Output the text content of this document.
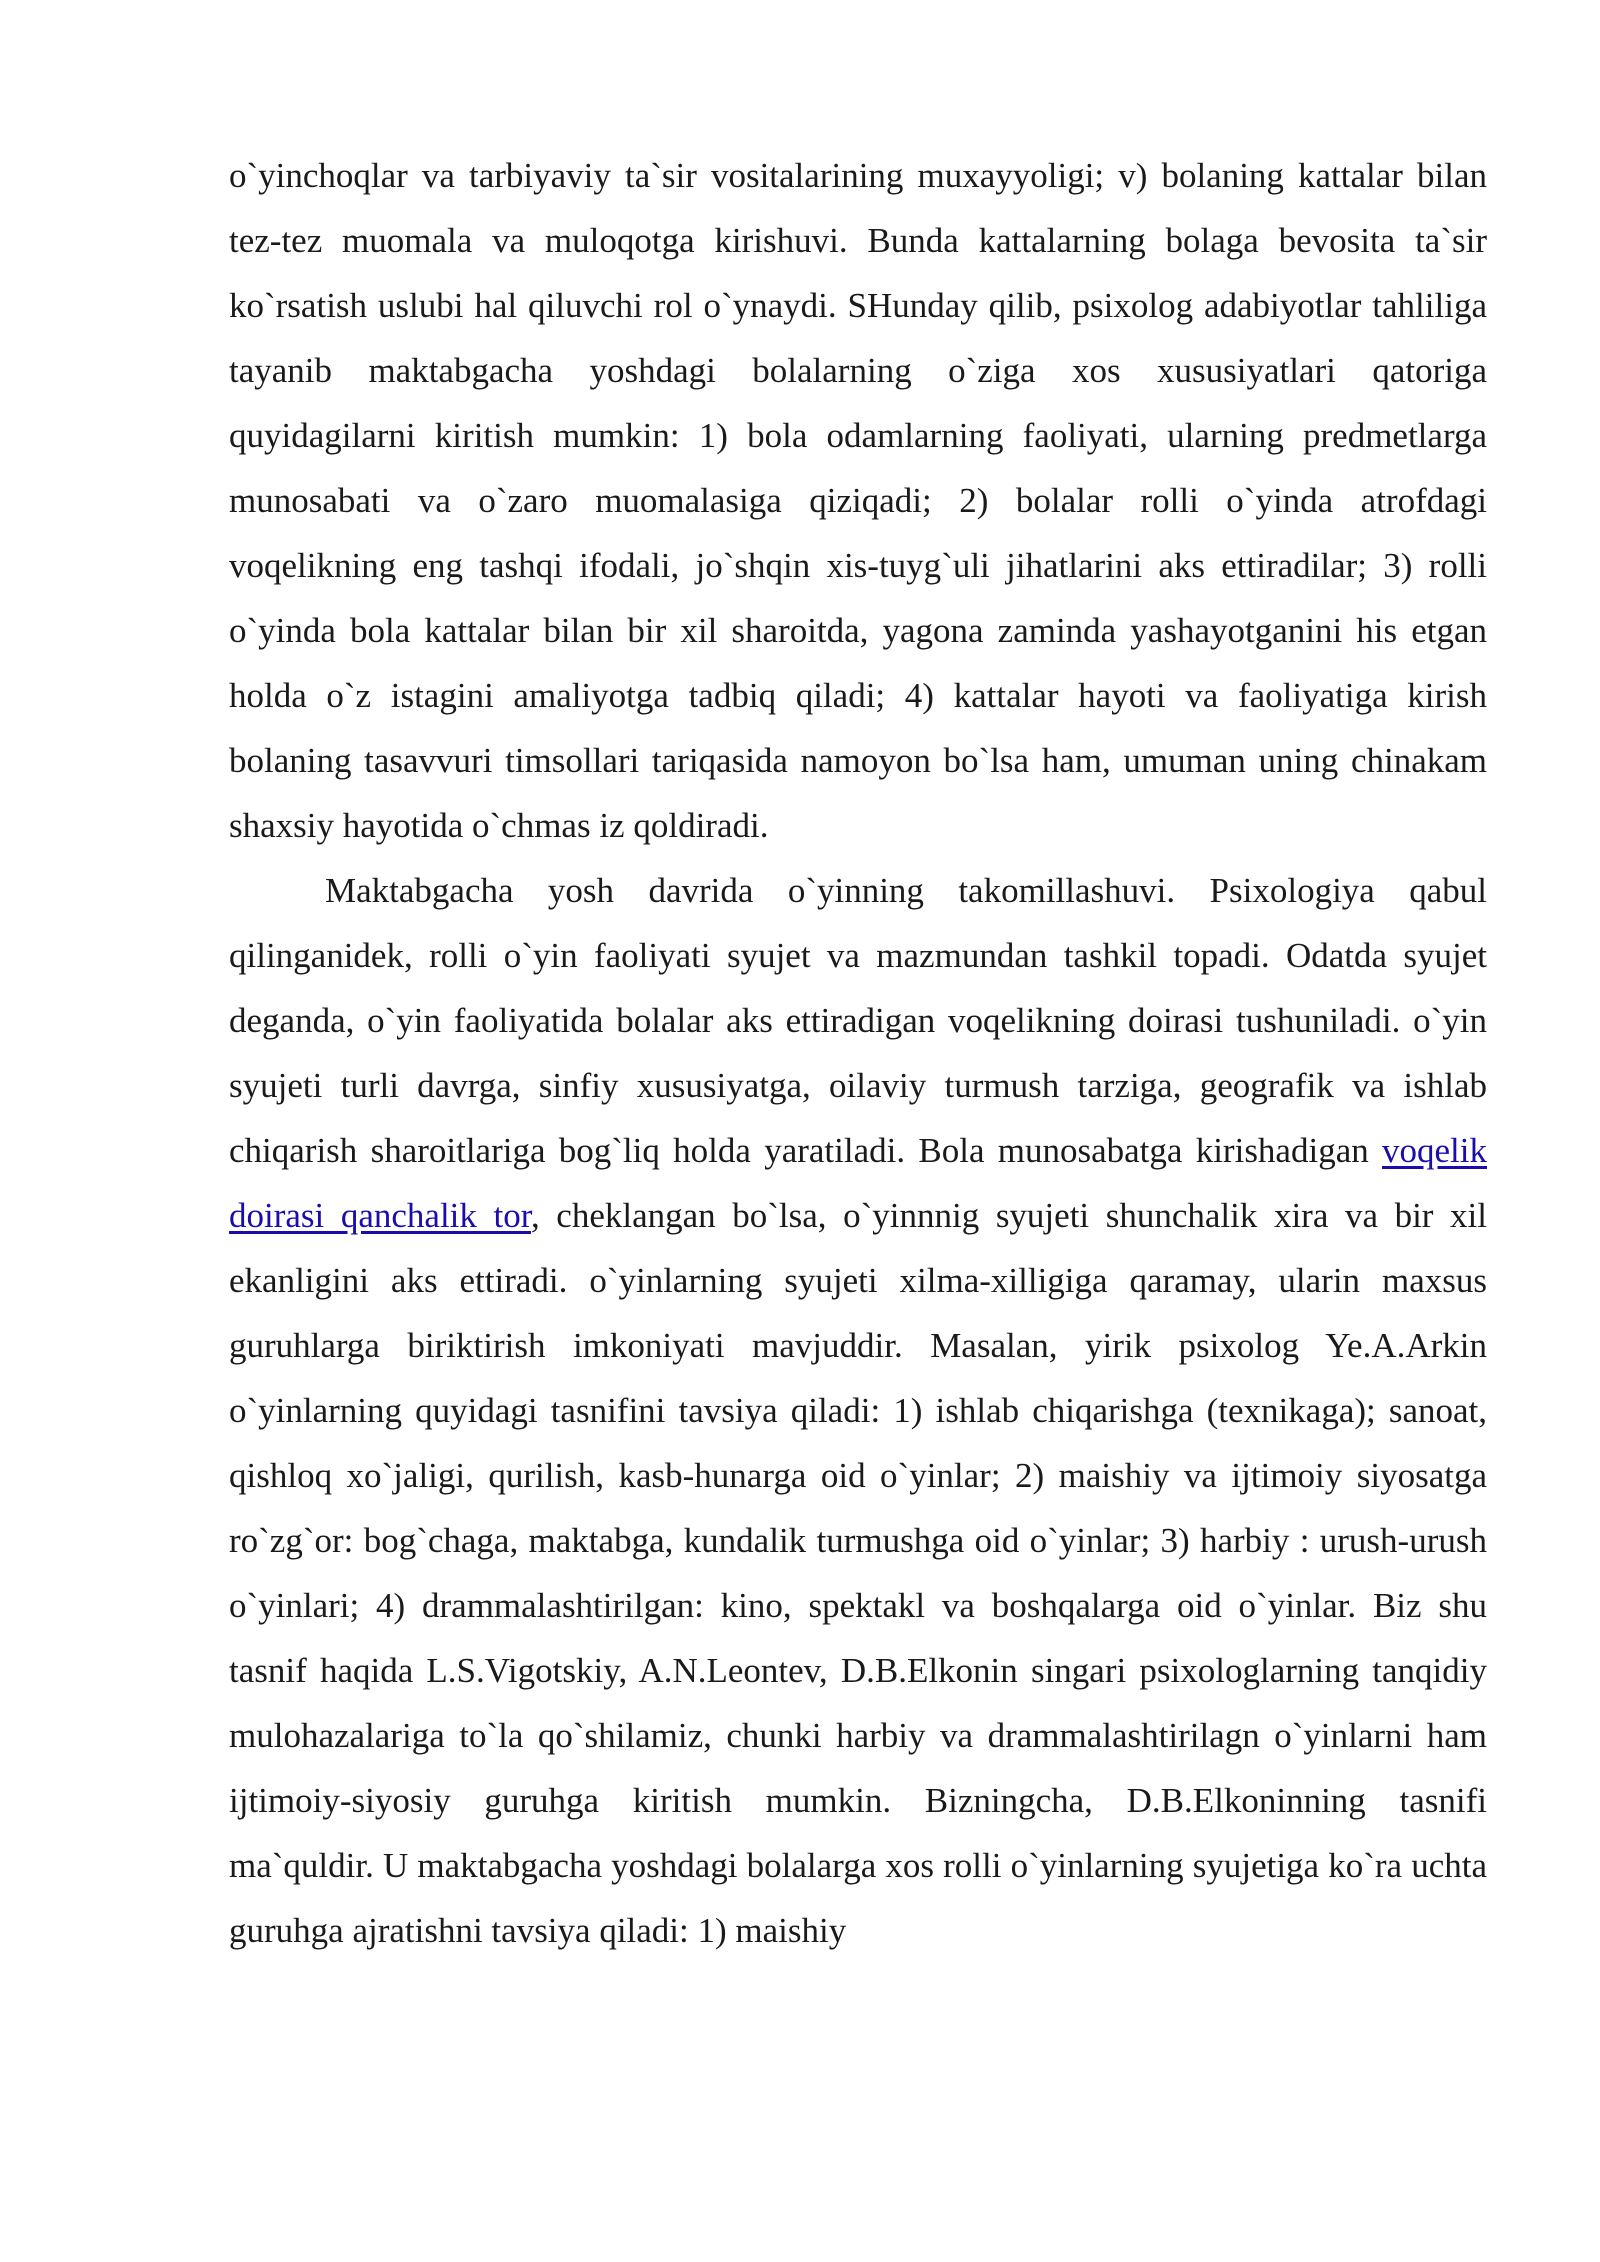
o`yinchoqlar va tarbiyaviy ta`sir vositalarining muxayyoligi; v) bolaning kattalar bilan tez-tez muomala va muloqotga kirishuvi. Bunda kattalarning bolaga bevosita ta`sir ko`rsatish uslubi hal qiluvchi rol o`ynaydi. SHunday qilib, psixolog adabiyotlar tahliliga tayanib maktabgacha yoshdagi bolalarning o`ziga xos xususiyatlari qatoriga quyidagilarni kiritish mumkin: 1) bola odamlarning faoliyati, ularning predmetlarga munosabati va o`zaro muomalasiga qiziqadi; 2) bolalar rolli o`yinda atrofdagi voqelikning eng tashqi ifodali, jo`shqin xis-tuyg`uli jihatlarini aks ettiradilar; 3) rolli o`yinda bola kattalar bilan bir xil sharoitda, yagona zaminda yashayotganini his etgan holda o`z istagini amaliyotga tadbiq qiladi; 4) kattalar hayoti va faoliyatiga kirish bolaning tasavvuri timsollari tariqasida namoyon bo`lsa ham, umuman uning chinakam shaxsiy hayotida o`chmas iz qoldiradi.

Maktabgacha yosh davrida o`yinning takomillashuvi. Psixologiya qabul qilinganidek, rolli o`yin faoliyati syujet va mazmundan tashkil topadi. Odatda syujet deganda, o`yin faoliyatida bolalar aks ettiradigan voqelikning doirasi tushuniladi. o`yin syujeti turli davrga, sinfiy xususiyatga, oilaviy turmush tarziga, geografik va ishlab chiqarish sharoitlariga bog`liq holda yaratiladi. Bola munosabatga kirishadigan voqelik doirasi qanchalik tor, cheklangan bo`lsa, o`yinnnig syujeti shunchalik xira va bir xil ekanligini aks ettiradi. o`yinlarning syujeti xilma-xilligiga qaramay, ularin maxsus guruhlarga biriktirish imkoniyati mavjuddir. Masalan, yirik psixolog Ye.A.Arkin o`yinlarning quyidagi tasnifini tavsiya qiladi: 1) ishlab chiqarishga (texnikaga); sanoat, qishloq xo`jaligi, qurilish, kasb-hunarga oid o`yinlar; 2) maishiy va ijtimoiy siyosatga ro`zg`or: bog`chaga, maktabga, kundalik turmushga oid o`yinlar; 3) harbiy : urush-urush o`yinlari; 4) drammalashtirilgan: kino, spektakl va boshqalarga oid o`yinlar. Biz shu tasnif haqida L.S.Vigotskiy, A.N.Leontev, D.B.Elkonin singari psixologlarning tanqidiy mulohazalariga to`la qo`shilamiz, chunki harbiy va drammalashtirilagn o`yinlarni ham ijtimoiy-siyosiy guruhga kiritish mumkin. Bizningcha, D.B.Elkoninning tasnifi ma`quldir. U maktabgacha yoshdagi bolalarga xos rolli o`yinlarning syujetiga ko`ra uchta guruhga ajratishni tavsiya qiladi: 1) maishiy
